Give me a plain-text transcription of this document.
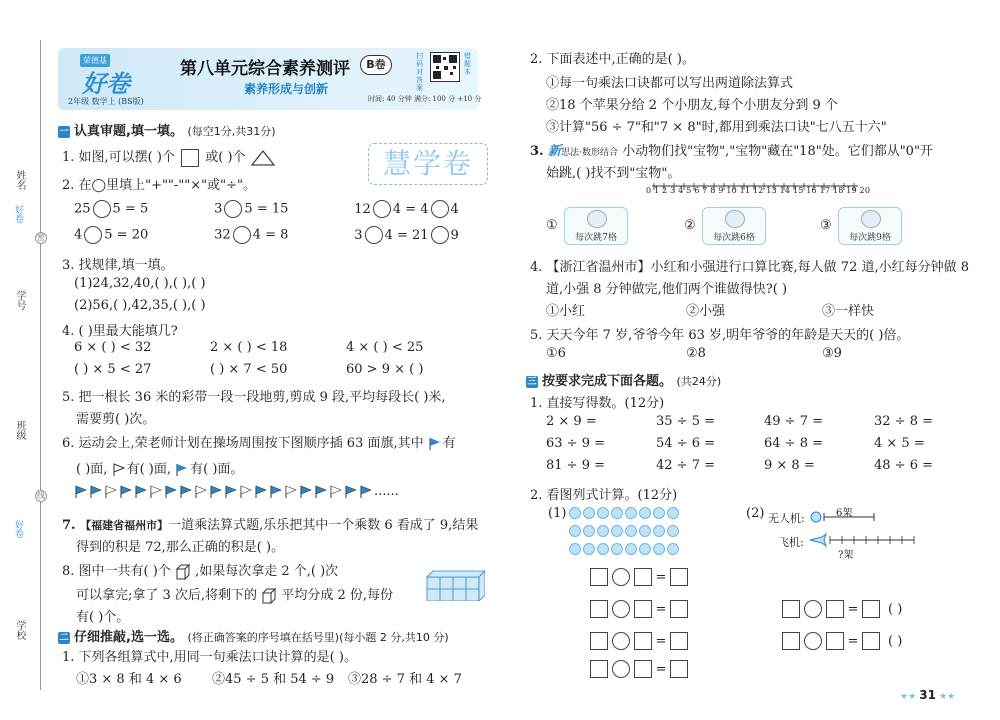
姓名
学号
班级
学校
好卷
好卷
密
线
荣德基
好卷
2年级 数学上 (BS版)
第八单元综合素养测评	B卷
素养形成与创新
时间: 40 分钟 满分: 100 分 +10 分
扫码对答案
错题本
慧学卷
一 认真审题,填一填。 (每空1分,共31分)
1. 如图,可以摆( )个 或( )个
2. 在◯里填上"+""-""×"或"÷"。
25 5 = 5	3 5 = 15	12 4 = 4 4
4 5 = 20	32 4 = 8	3 4 = 21 9
3. 找规律,填一填。
(1)24,32,40,( ),( ),( )
(2)56,( ),42,35,( ),( )
4. ( )里最大能填几?
6 × ( ) < 32	2 × ( ) < 18	4 × ( ) < 25
( ) × 5 < 27	( ) × 7 < 50	60 > 9 × ( )
5. 把一根长 36 米的彩带一段一段地剪,剪成 9 段,平均每段长( )米,
需要剪( )次。
6. 运动会上,荣老师计划在操场周围按下图顺序插 63 面旗,其中 有
( )面, 有( )面, 有( )面。
......
7. 【福建省福州市】一道乘法算式题,乐乐把其中一个乘数 6 看成了 9,结果
得到的积是 72,那么正确的积是( )。
8. 图中一共有( )个 ,如果每次拿走 2 个,( )次
可以拿完;拿了 3 次后,将剩下的 平均分成 2 份,每份
有( )个。
二 仔细推敲,选一选。 (将正确答案的序号填在括号里)(每小题 2 分,共10 分)
1. 下列各组算式中,用同一句乘法口诀计算的是( )。
①3 × 8 和 4 × 6 ②45 ÷ 5 和 54 ÷ 9 ③28 ÷ 7 和 4 × 7
2. 下面表述中,正确的是( )。
①每一句乘法口诀都可以写出两道除法算式
②18 个苹果分给 2 个小朋友,每个小朋友分到 9 个
③计算"56 ÷ 7"和"7 × 8"时,都用到乘法口诀"七八五十六"
3. 新思法·数形结合 小动物们找"宝物","宝物"藏在"18"处。它们都从"0"开
始跳,( )找不到"宝物"。
0 1 2 3 4 5 6 7 8 9 10 11 12 13 14 15 16 17 18 19 20
①
每次跳7格
②
每次跳6格
③
每次跳9格
4. 【浙江省温州市】小红和小强进行口算比赛,每人做 72 道,小红每分钟做 8
道,小强 8 分钟做完,他们两个谁做得快?( )
①小红	②小强	③一样快
5. 天天今年 7 岁,爷爷今年 63 岁,明年爷爷的年龄是天天的( )倍。
①6	②8	③9
三 按要求完成下面各题。 (共24分)
1. 直接写得数。(12分)
2 × 9 =	35 ÷ 5 =	49 ÷ 7 =	32 ÷ 8 =
63 ÷ 9 =	54 ÷ 6 =	64 ÷ 8 =	4 × 5 =
81 ÷ 9 =	42 ÷ 7 =	9 × 8 =	48 ÷ 6 =
2. 看图列式计算。(12分)
(1)	(2) 无人机:	6架
飞机:
?架
=
=
=
=
= ( )
= ( )
★★ 31 ★★
